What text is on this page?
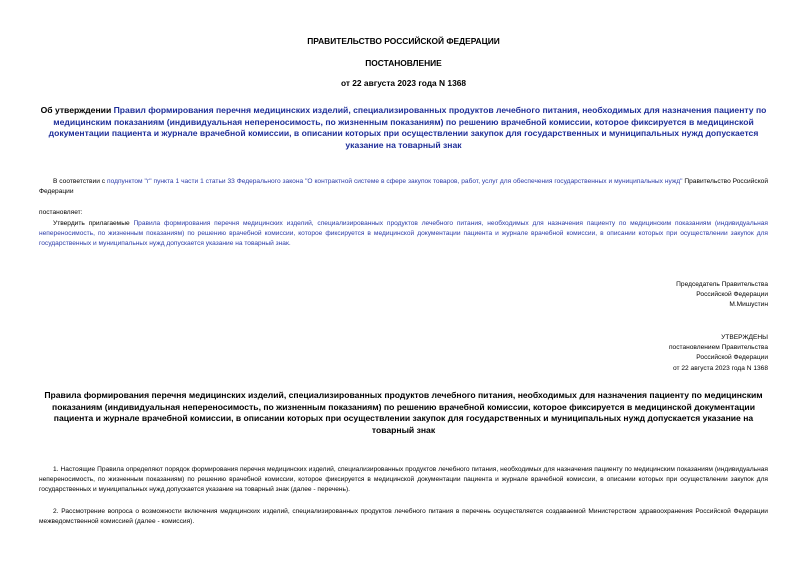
ПРАВИТЕЛЬСТВО РОССИЙСКОЙ ФЕДЕРАЦИИ
ПОСТАНОВЛЕНИЕ
от 22 августа 2023 года N 1368
Об утверждении Правил формирования перечня медицинских изделий, специализированных продуктов лечебного питания, необходимых для назначения пациенту по медицинским показаниям (индивидуальная непереносимость, по жизненным показаниям) по решению врачебной комиссии, которое фиксируется в медицинской документации пациента и журнале врачебной комиссии, в описании которых при осуществлении закупок для государственных и муниципальных нужд допускается указание на товарный знак
В соответствии с подпунктом "г" пункта 1 части 1 статьи 33 Федерального закона "О контрактной системе в сфере закупок товаров, работ, услуг для обеспечения государственных и муниципальных нужд" Правительство Российской Федерации
постановляет:
Утвердить прилагаемые Правила формирования перечня медицинских изделий, специализированных продуктов лечебного питания, необходимых для назначения пациенту по медицинским показаниям (индивидуальная непереносимость, по жизненным показаниям) по решению врачебной комиссии, которое фиксируется в медицинской документации пациента и журнале врачебной комиссии, в описании которых при осуществлении закупок для государственных и муниципальных нужд допускается указание на товарный знак.
Председатель Правительства
Российской Федерации
М.Мишустин
УТВЕРЖДЕНЫ
постановлением Правительства
Российской Федерации
от 22 августа 2023 года N 1368
Правила формирования перечня медицинских изделий, специализированных продуктов лечебного питания, необходимых для назначения пациенту по медицинским показаниям (индивидуальная непереносимость, по жизненным показаниям) по решению врачебной комиссии, которое фиксируется в медицинской документации пациента и журнале врачебной комиссии, в описании которых при осуществлении закупок для государственных и муниципальных нужд допускается указание на товарный знак
1. Настоящие Правила определяют порядок формирования перечня медицинских изделий, специализированных продуктов лечебного питания, необходимых для назначения пациенту по медицинским показаниям (индивидуальная непереносимость, по жизненным показаниям) по решению врачебной комиссии, которое фиксируется в медицинской документации пациента и журнале врачебной комиссии, в описании которых при осуществлении закупок для государственных и муниципальных нужд допускается указание на товарный знак (далее - перечень).
2. Рассмотрение вопроса о возможности включения медицинских изделий, специализированных продуктов лечебного питания в перечень осуществляется создаваемой Министерством здравоохранения Российской Федерации межведомственной комиссией (далее - комиссия).
